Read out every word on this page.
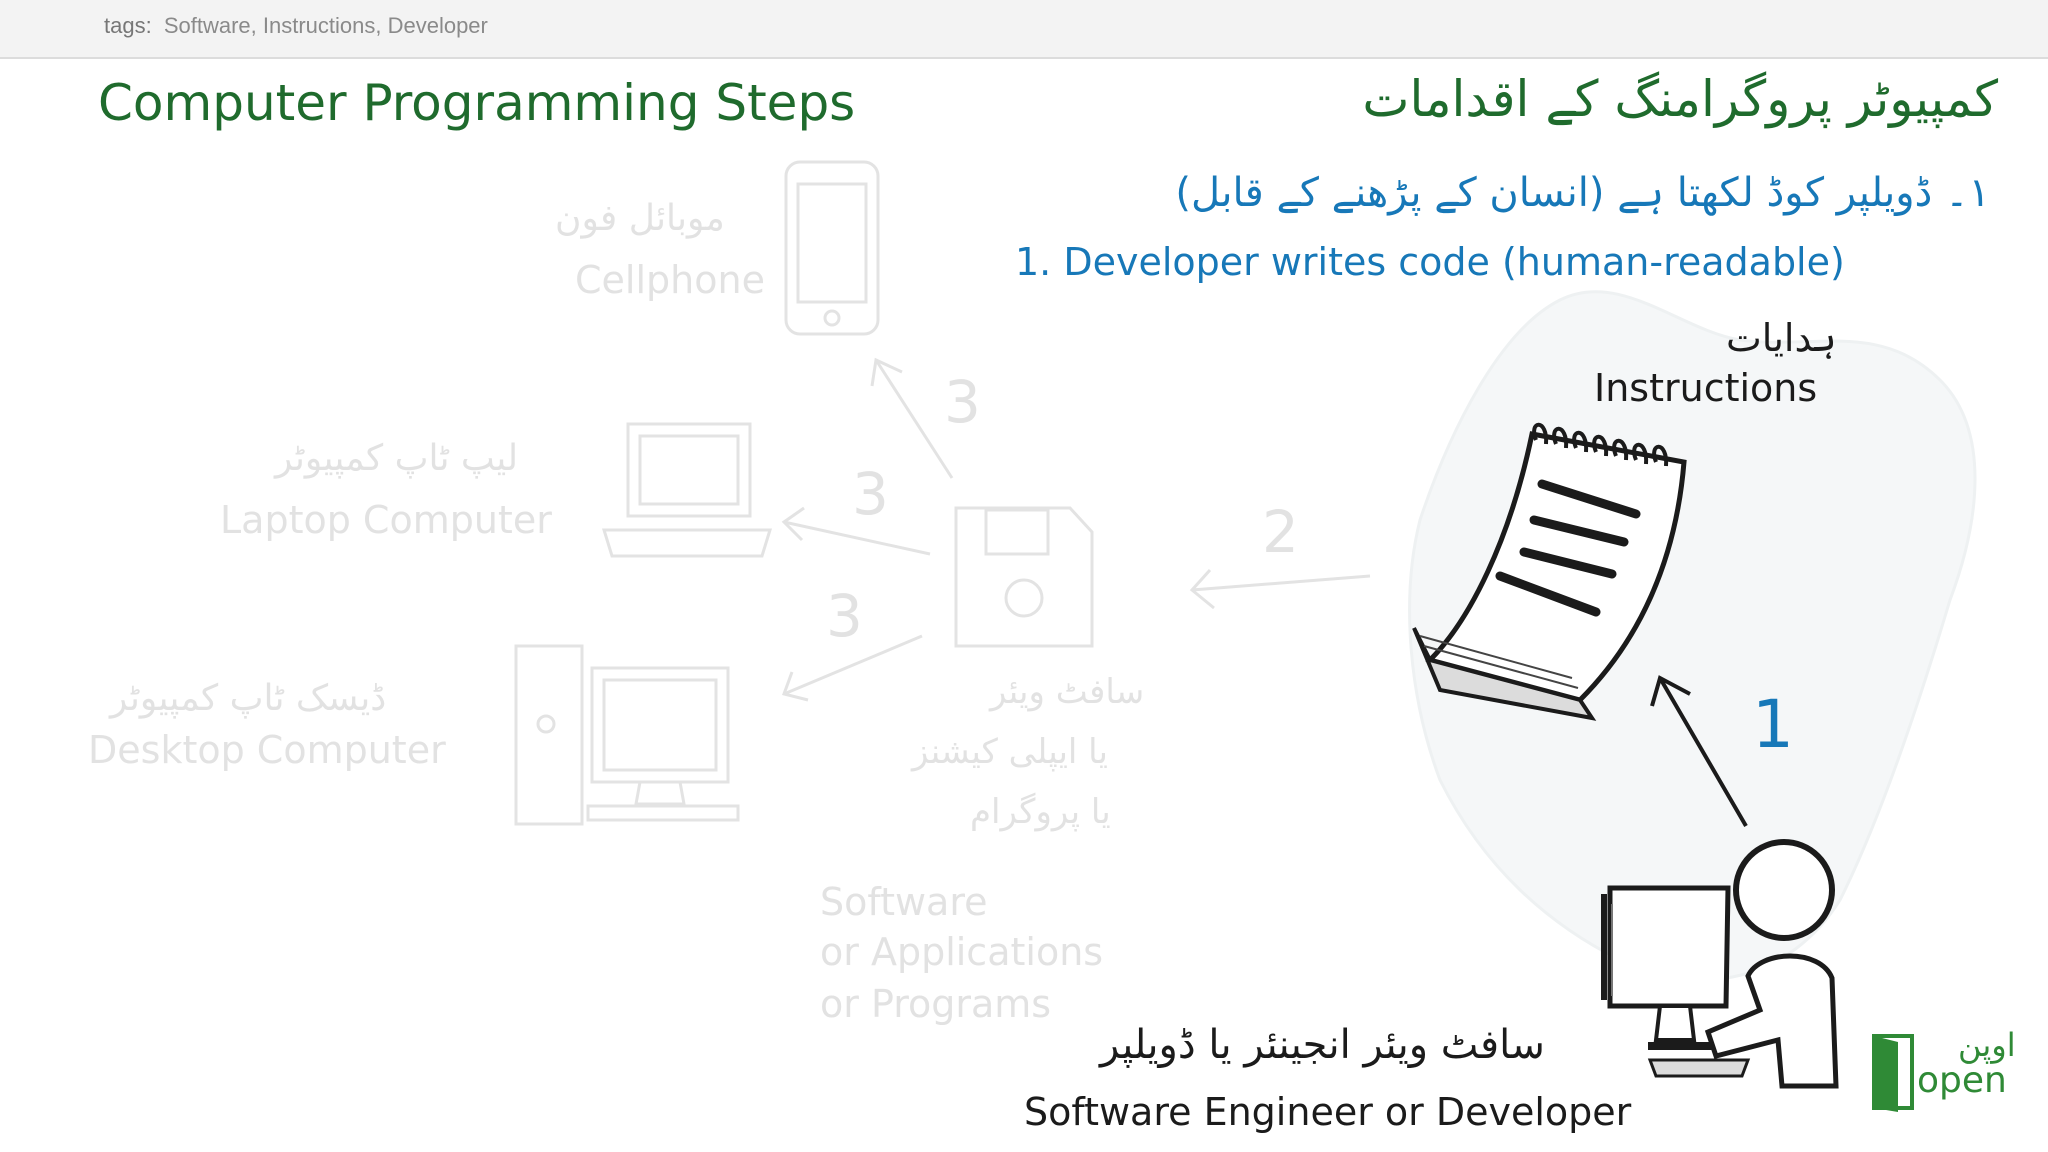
tags: Software, Instructions, Developer
Computer Programming Steps	کمپیوٹر پروگرامنگ کے اقدامات
١۔ ڈویلپر کوڈ لکھتا ہے (انسان کے پڑھنے کے قابل)
1. Developer writes code (human-readable)
موبائل فون
Cellphone
لیپ ٹاپ کمپیوٹر
Laptop Computer
ڈیسک ٹاپ کمپیوٹر
Desktop Computer
سافٹ ویئر
یا ایپلی کیشنز
یا پروگرام
Software
or Applications
or Programs
2
3
3
3
ہدایات
Instructions
سافٹ ویئر انجینئر یا ڈویلپر
Software Engineer or Developer
1
اوپن
open
